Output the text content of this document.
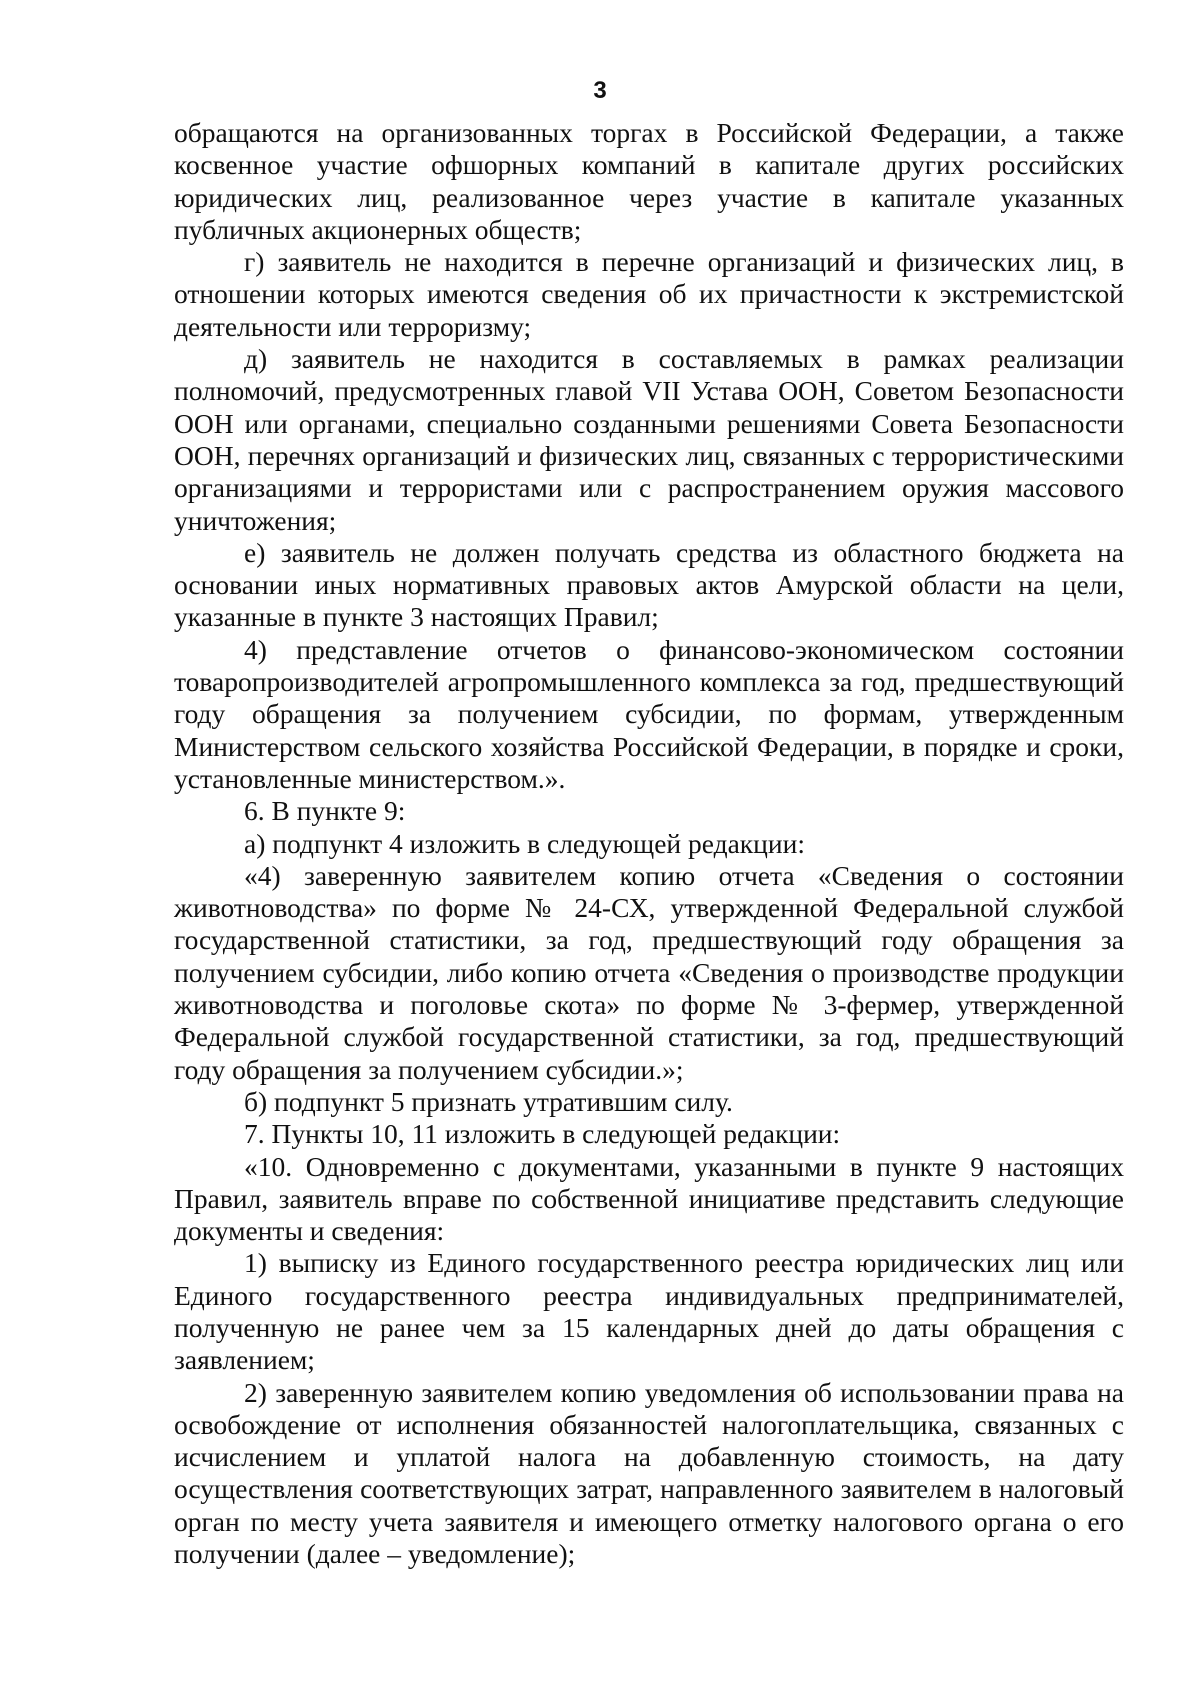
3

обращаются на организованных торгах в Российской Федерации, а также косвенное участие офшорных компаний в капитале других российских юридических лиц, реализованное через участие в капитале указанных публичных акционерных обществ;

г) заявитель не находится в перечне организаций и физических лиц, в отношении которых имеются сведения об их причастности к экстремистской деятельности или терроризму;

д) заявитель не находится в составляемых в рамках реализации полномочий, предусмотренных главой VII Устава ООН, Советом Безопасности ООН или органами, специально созданными решениями Совета Безопасности ООН, перечнях организаций и физических лиц, связанных с террористическими организациями и террористами или с распространением оружия массового уничтожения;

е) заявитель не должен получать средства из областного бюджета на основании иных нормативных правовых актов Амурской области на цели, указанные в пункте 3 настоящих Правил;

4) представление отчетов о финансово-экономическом состоянии товаропроизводителей агропромышленного комплекса за год, предшествующий году обращения за получением субсидии, по формам, утвержденным Министерством сельского хозяйства Российской Федерации, в порядке и сроки, установленные министерством.».

6. В пункте 9:

а) подпункт 4 изложить в следующей редакции:

«4) заверенную заявителем копию отчета «Сведения о состоянии животноводства» по форме № 24-СХ, утвержденной Федеральной службой государственной статистики, за год, предшествующий году обращения за получением субсидии, либо копию отчета «Сведения о производстве продукции животноводства и поголовье скота» по форме № 3-фермер, утвержденной Федеральной службой государственной статистики, за год, предшествующий году обращения за получением субсидии.»;

б) подпункт 5 признать утратившим силу.

7. Пункты 10, 11 изложить в следующей редакции:

«10. Одновременно с документами, указанными в пункте 9 настоящих Правил, заявитель вправе по собственной инициативе представить следующие документы и сведения:

1) выписку из Единого государственного реестра юридических лиц или Единого государственного реестра индивидуальных предпринимателей, полученную не ранее чем за 15 календарных дней до даты обращения с заявлением;

2) заверенную заявителем копию уведомления об использовании права на освобождение от исполнения обязанностей налогоплательщика, связанных с исчислением и уплатой налога на добавленную стоимость, на дату осуществления соответствующих затрат, направленного заявителем в налоговый орган по месту учета заявителя и имеющего отметку налогового органа о его получении (далее – уведомление);
